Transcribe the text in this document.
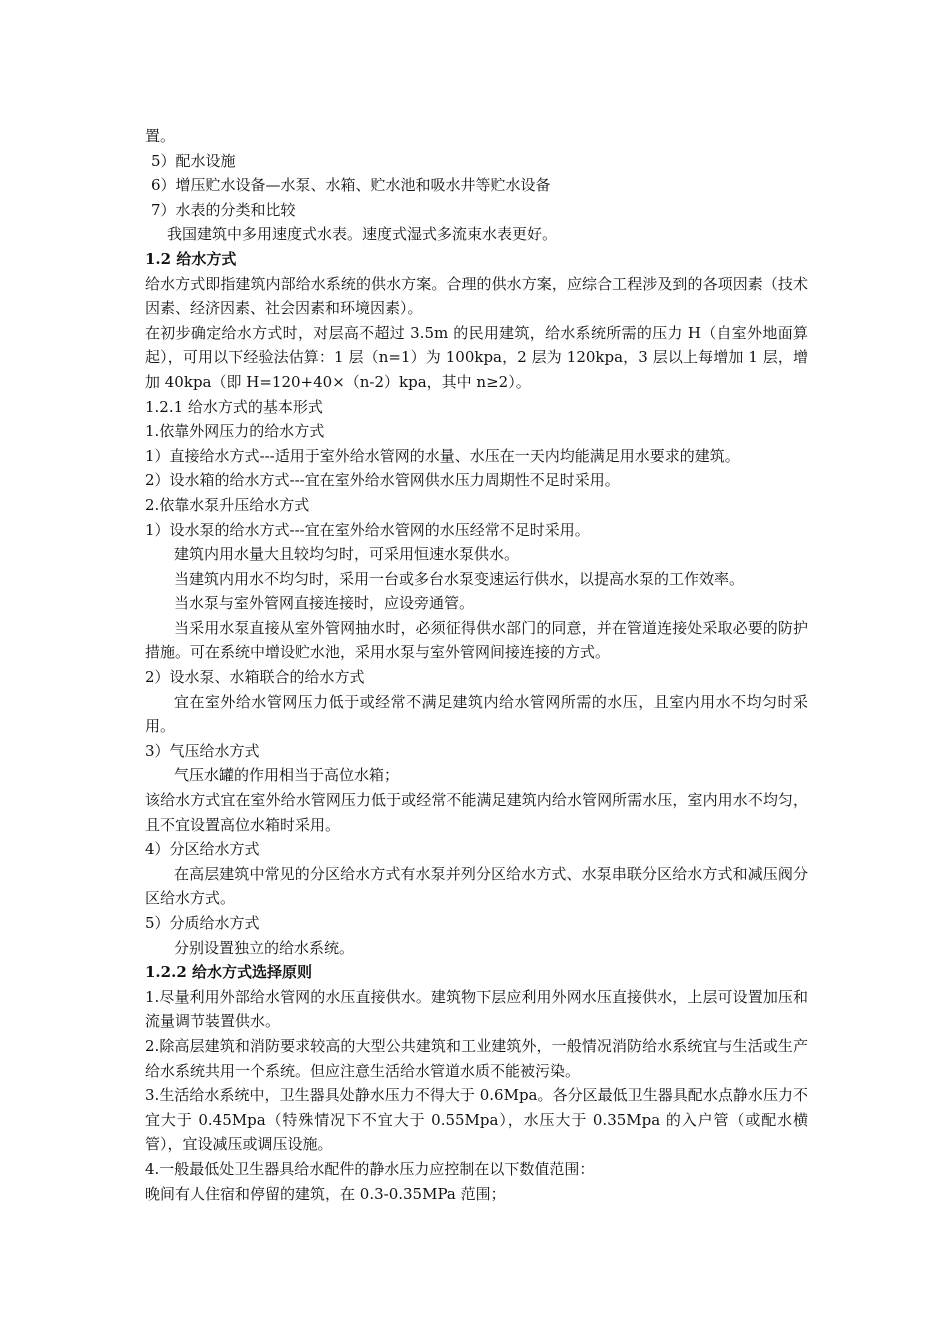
置。

5）配水设施

6）增压贮水设备—水泵、水箱、贮水池和吸水井等贮水设备

7）水表的分类和比较

我国建筑中多用速度式水表。速度式湿式多流束水表更好。

1.2 给水方式

给水方式即指建筑内部给水系统的供水方案。合理的供水方案，应综合工程涉及到的各项因素（技术因素、经济因素、社会因素和环境因素）。

在初步确定给水方式时，对层高不超过 3.5m 的民用建筑，给水系统所需的压力 H（自室外地面算起），可用以下经验法估算：1 层（n=1）为 100kpa，2 层为 120kpa，3 层以上每增加 1 层，增加 40kpa（即 H=120+40×（n-2）kpa，其中 n≥2）。

1.2.1 给水方式的基本形式

1.依靠外网压力的给水方式

1）直接给水方式---适用于室外给水管网的水量、水压在一天内均能满足用水要求的建筑。

2）设水箱的给水方式---宜在室外给水管网供水压力周期性不足时采用。

2.依靠水泵升压给水方式

1）设水泵的给水方式---宜在室外给水管网的水压经常不足时采用。

建筑内用水量大且较均匀时，可采用恒速水泵供水。

当建筑内用水不均匀时，采用一台或多台水泵变速运行供水，以提高水泵的工作效率。

当水泵与室外管网直接连接时，应设旁通管。

当采用水泵直接从室外管网抽水时，必须征得供水部门的同意，并在管道连接处采取必要的防护措施。可在系统中增设贮水池，采用水泵与室外管网间接连接的方式。

2）设水泵、水箱联合的给水方式

宜在室外给水管网压力低于或经常不满足建筑内给水管网所需的水压，且室内用水不均匀时采用。

3）气压给水方式

气压水罐的作用相当于高位水箱；

该给水方式宜在室外给水管网压力低于或经常不能满足建筑内给水管网所需水压，室内用水不均匀，且不宜设置高位水箱时采用。

4）分区给水方式

在高层建筑中常见的分区给水方式有水泵并列分区给水方式、水泵串联分区给水方式和减压阀分区给水方式。

5）分质给水方式

分别设置独立的给水系统。

1.2.2 给水方式选择原则

1.尽量利用外部给水管网的水压直接供水。建筑物下层应利用外网水压直接供水，上层可设置加压和流量调节装置供水。

2.除高层建筑和消防要求较高的大型公共建筑和工业建筑外，一般情况消防给水系统宜与生活或生产给水系统共用一个系统。但应注意生活给水管道水质不能被污染。

3.生活给水系统中，卫生器具处静水压力不得大于 0.6Mpa。各分区最低卫生器具配水点静水压力不宜大于 0.45Mpa（特殊情况下不宜大于 0.55Mpa），水压大于 0.35Mpa 的入户管（或配水横管），宜设减压或调压设施。

4.一般最低处卫生器具给水配件的静水压力应控制在以下数值范围：

晚间有人住宿和停留的建筑，在 0.3-0.35MPa 范围；
